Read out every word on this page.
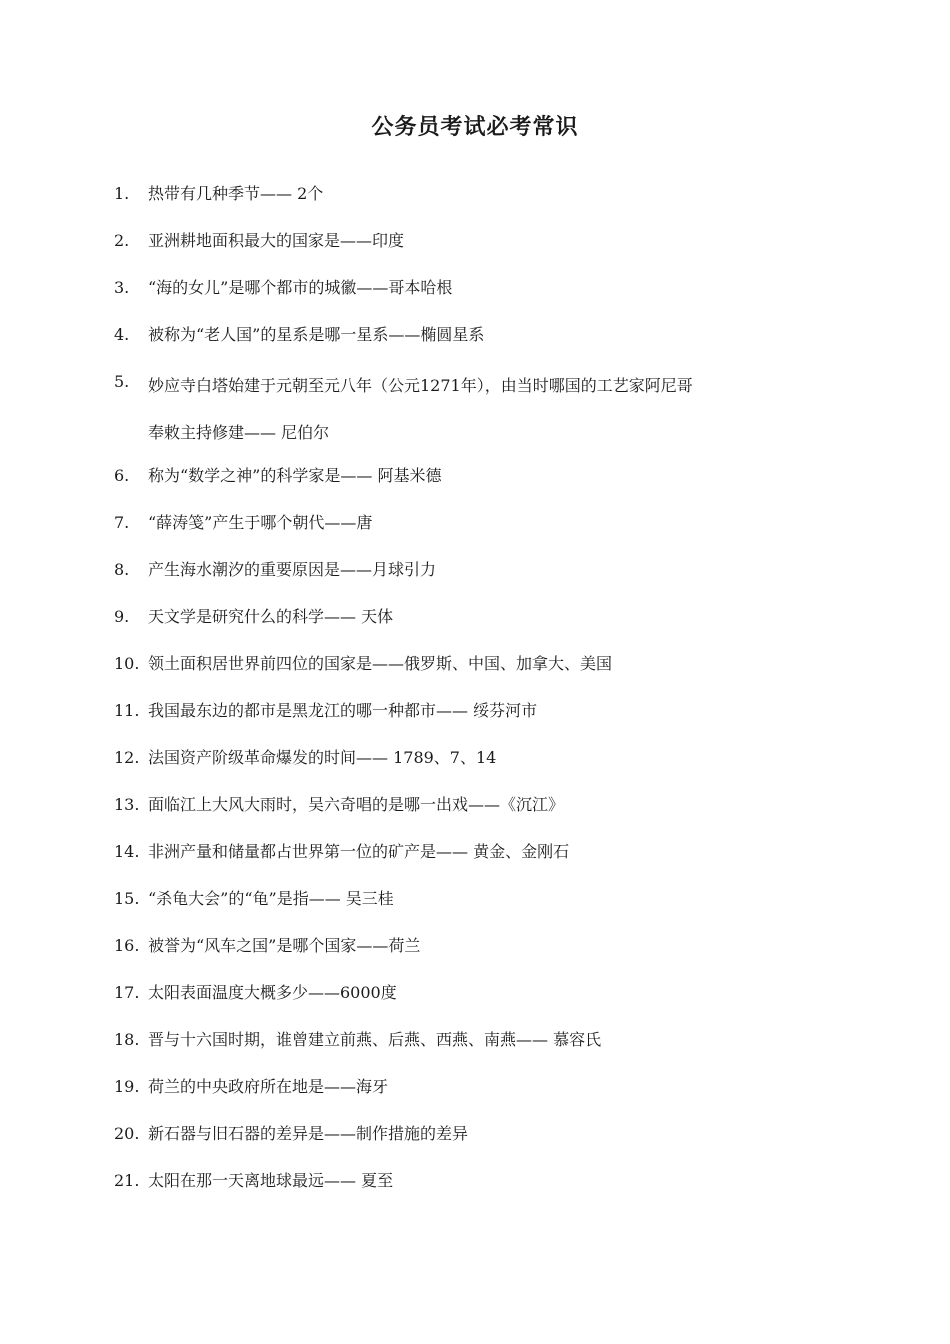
公务员考试必考常识
1. 热带有几种季节—— 2个
2. 亚洲耕地面积最大的国家是——印度
3. “海的女儿”是哪个都市的城徽——哥本哈根
4. 被称为“老人国”的星系是哪一星系——椭圆星系
5. 妙应寺白塔始建于元朝至元八年（公元1271年），由当时哪国的工艺家阿尼哥
奉敕主持修建—— 尼伯尔
6. 称为“数学之神”的科学家是—— 阿基米德
7. “薛涛笺”产生于哪个朝代——唐
8. 产生海水潮汐的重要原因是——月球引力
9. 天文学是研究什么的科学—— 天体
10. 领土面积居世界前四位的国家是——俄罗斯、中国、加拿大、美国
11. 我国最东边的都市是黑龙江的哪一种都市—— 绥芬河市
12. 法国资产阶级革命爆发的时间—— 1789、7、14
13. 面临江上大风大雨时，吴六奇唱的是哪一出戏——《沉江》
14. 非洲产量和储量都占世界第一位的矿产是—— 黄金、金刚石
15. “杀龟大会”的“龟”是指—— 吴三桂
16. 被誉为“风车之国”是哪个国家——荷兰
17. 太阳表面温度大概多少——6000度
18. 晋与十六国时期，谁曾建立前燕、后燕、西燕、南燕—— 慕容氏
19. 荷兰的中央政府所在地是——海牙
20. 新石器与旧石器的差异是——制作措施的差异
21. 太阳在那一天离地球最远—— 夏至
